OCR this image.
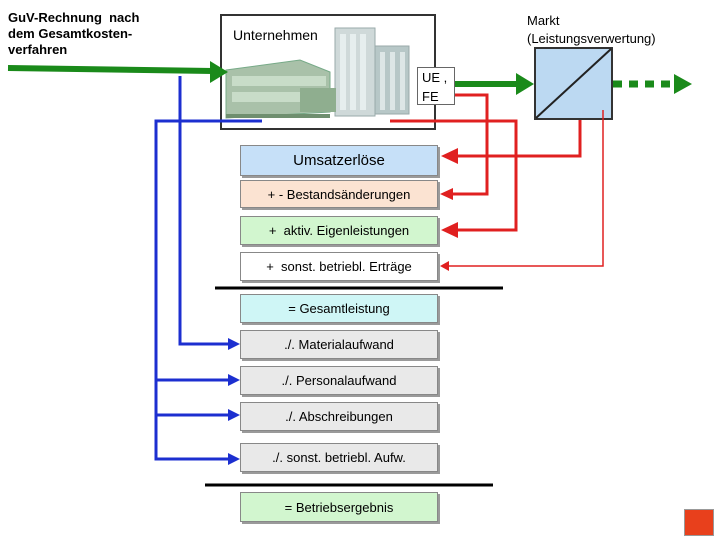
GuV-Rechnung  nach
dem Gesamtkosten-
verfahren
Unternehmen
Markt
(Leistungsverwertung)
UE ,
FE
Umsatzerlöse
+ - Bestandsänderungen
+  aktiv. Eigenleistungen
+  sonst. betriebl. Erträge
= Gesamtleistung
./. Materialaufwand
./. Personalaufwand
./. Abschreibungen
./. sonst. betriebl. Aufw.
= Betriebsergebnis
